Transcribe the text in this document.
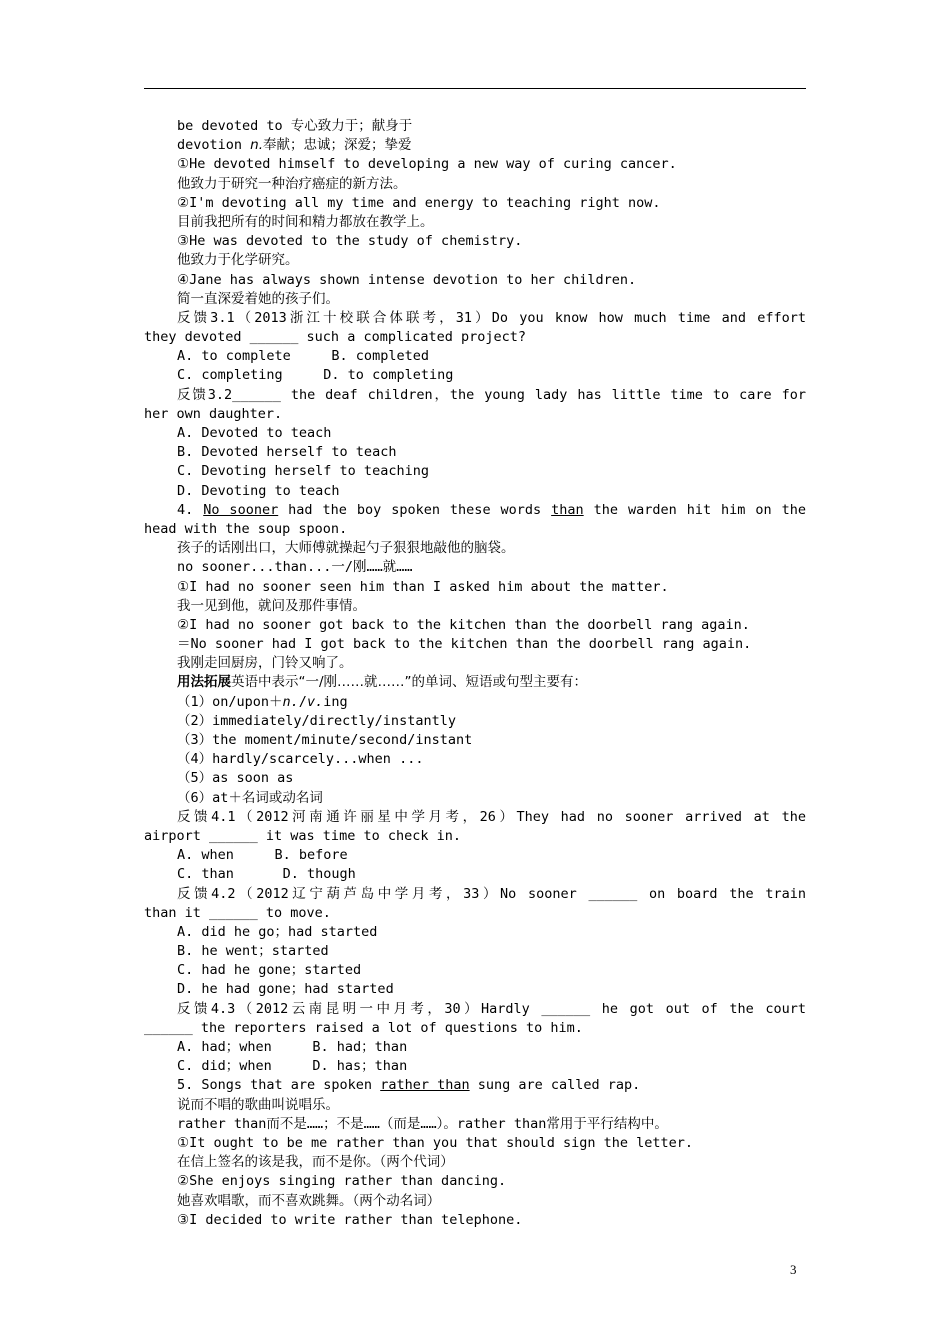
be devoted to 专心致力于；献身于
devotion n.奉献；忠诚；深爱；挚爱
①He devoted himself to developing a new way of curing cancer.
他致力于研究一种治疗癌症的新方法。
②I'm devoting all my time and energy to teaching right now.
目前我把所有的时间和精力都放在教学上。
③He was devoted to the study of chemistry.
他致力于化学研究。
④Jane has always shown intense devotion to her children.
简一直深爱着她的孩子们。
反馈3.1（2013浙江十校联合体联考，31）Do you know how much time and effort
they devoted ______ such a complicated project?
A. to complete     B. completed
C. completing     D. to completing
反馈3.2______ the deaf children，the young lady has little time to care for
her own daughter.
A. Devoted to teach
B. Devoted herself to teach
C. Devoting herself to teaching
D. Devoting to teach
4. No sooner had the boy spoken these words than the warden hit him on the
head with the soup spoon.
孩子的话刚出口，大师傅就操起勺子狠狠地敲他的脑袋。
no sooner...than...一/刚……就……
①I had no sooner seen him than I asked him about the matter.
我一见到他，就问及那件事情。
②I had no sooner got back to the kitchen than the doorbell rang again.
＝No sooner had I got back to the kitchen than the doorbell rang again.
我刚走回厨房，门铃又响了。
用法拓展英语中表示“一/刚……就……”的单词、短语或句型主要有：
（1）on/upon＋n./v.ing
（2）immediately/directly/instantly
（3）the moment/minute/second/instant
（4）hardly/scarcely...when ...
（5）as soon as
（6）at＋名词或动名词
反馈4.1（2012河南通许丽星中学月考，26）They had no sooner arrived at the
airport ______ it was time to check in.
A. when     B. before
C. than      D. though
反馈4.2（2012辽宁葫芦岛中学月考，33）No sooner ______ on board the train
than it ______ to move.
A. did he go；had started
B. he went；started
C. had he gone；started
D. he had gone；had started
反馈4.3（2012云南昆明一中月考，30）Hardly ______ he got out of the court
______ the reporters raised a lot of questions to him.
A. had；when     B. had；than
C. did；when     D. has；than
5. Songs that are spoken rather than sung are called rap.
说而不唱的歌曲叫说唱乐。
rather than而不是……；不是……（而是……）。rather than常用于平行结构中。
①It ought to be me rather than you that should sign the letter.
在信上签名的该是我，而不是你。（两个代词）
②She enjoys singing rather than dancing.
她喜欢唱歌，而不喜欢跳舞。（两个动名词）
③I decided to write rather than telephone.
3
